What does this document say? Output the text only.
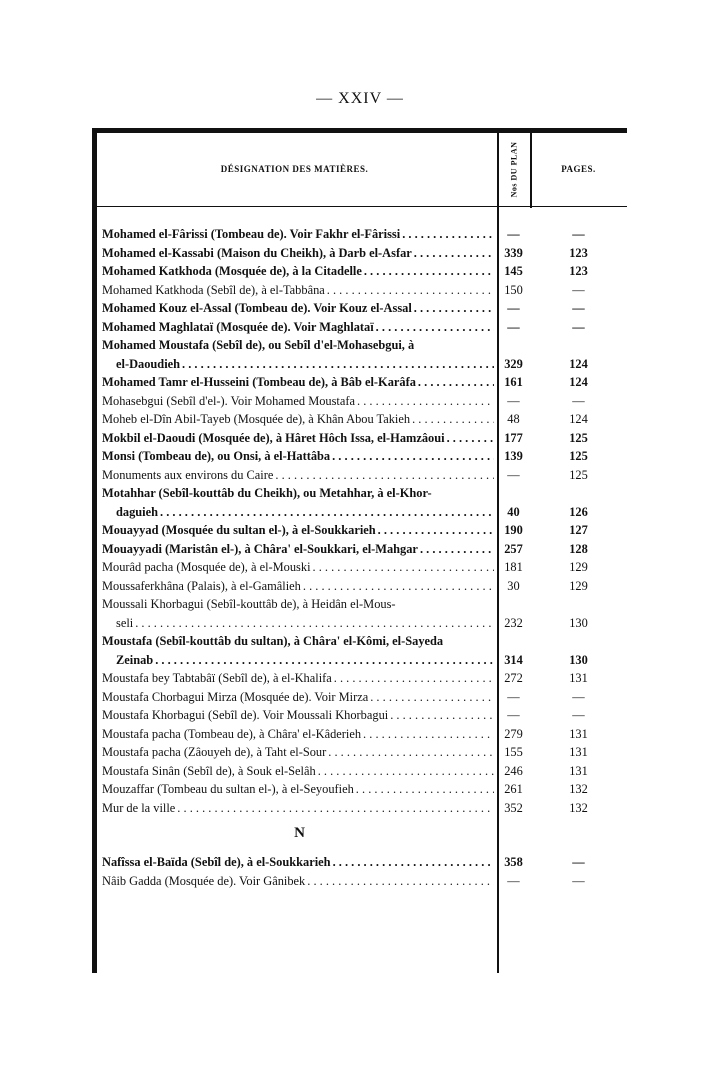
— XXIV —
DÉSIGNATION DES MATIÈRES.	Nos DU PLAN	PAGES.
Mohamed el-Fârissi (Tombeau de). Voir Fakhr el-Fârissi . . .	—	—
Mohamed el-Kassabi (Maison du Cheikh), à Darb el-Asfar . . .	339	123
Mohamed Katkhoda (Mosquée de), à la Citadelle . . .	145	123
Mohamed Katkhoda (Sebîl de), à el-Tabbâna . . .	150	—
Mohamed Kouz el-Assal (Tombeau de). Voir Kouz el-Assal . . .	—	—
Mohamed Maghlataï (Mosquée de). Voir Maghlataï . . .	—	—
Mohamed Moustafa (Sebîl de), ou Sebîl d'el-Mohasebgui, à
el-Daoudieh . . .	329	124
Mohamed Tamr el-Husseini (Tombeau de), à Bâb el-Karâfa . . .	161	124
Mohasebgui (Sebîl d'el-). Voir Mohamed Moustafa . . .	—	—
Moheb el-Dîn Abil-Tayeb (Mosquée de), à Khân Abou Takieh . . .	48	124
Mokbil el-Daoudi (Mosquée de), à Hâret Hôch Issa, el-Hamzâoui . . .	177	125
Monsi (Tombeau de), ou Onsi, à el-Hattâba . . .	139	125
Monuments aux environs du Caire . . .	—	125
Motahhar (Sebîl-kouttâb du Cheikh), ou Metahhar, à el-Khor-
daguieh . . .	40	126
Mouayyad (Mosquée du sultan el-), à el-Soukkarieh . . .	190	127
Mouayyadi (Maristân el-), à Châra' el-Soukkari, el-Mahgar . . .	257	128
Mourâd pacha (Mosquée de), à el-Mouski . . .	181	129
Moussaferkhâna (Palais), à el-Gamâlieh . . .	30	129
Moussali Khorbagui (Sebîl-kouttâb de), à Heidân el-Mous-
seli . . .	232	130
Moustafa (Sebîl-kouttâb du sultan), à Châra' el-Kômi, el-Sayeda
Zeinab . . .	314	130
Moustafa bey Tabtabâï (Sebîl de), à el-Khalifa . . .	272	131
Moustafa Chorbagui Mirza (Mosquée de). Voir Mirza . . .	—	—
Moustafa Khorbagui (Sebîl de). Voir Moussali Khorbagui . . .	—	—
Moustafa pacha (Tombeau de), à Châra' el-Kâderieh . . .	279	131
Moustafa pacha (Zâouyeh de), à Taht el-Sour . . .	155	131
Moustafa Sinân (Sebîl de), à Souk el-Selâh . . .	246	131
Mouzaffar (Tombeau du sultan el-), à el-Seyoufieh . . .	261	132
Mur de la ville . . .	352	132
N
Nafîssa el-Baïda (Sebîl de), à el-Soukkarieh . . .	358	—
Nâib Gadda (Mosquée de). Voir Gânibek . . .	—	—
